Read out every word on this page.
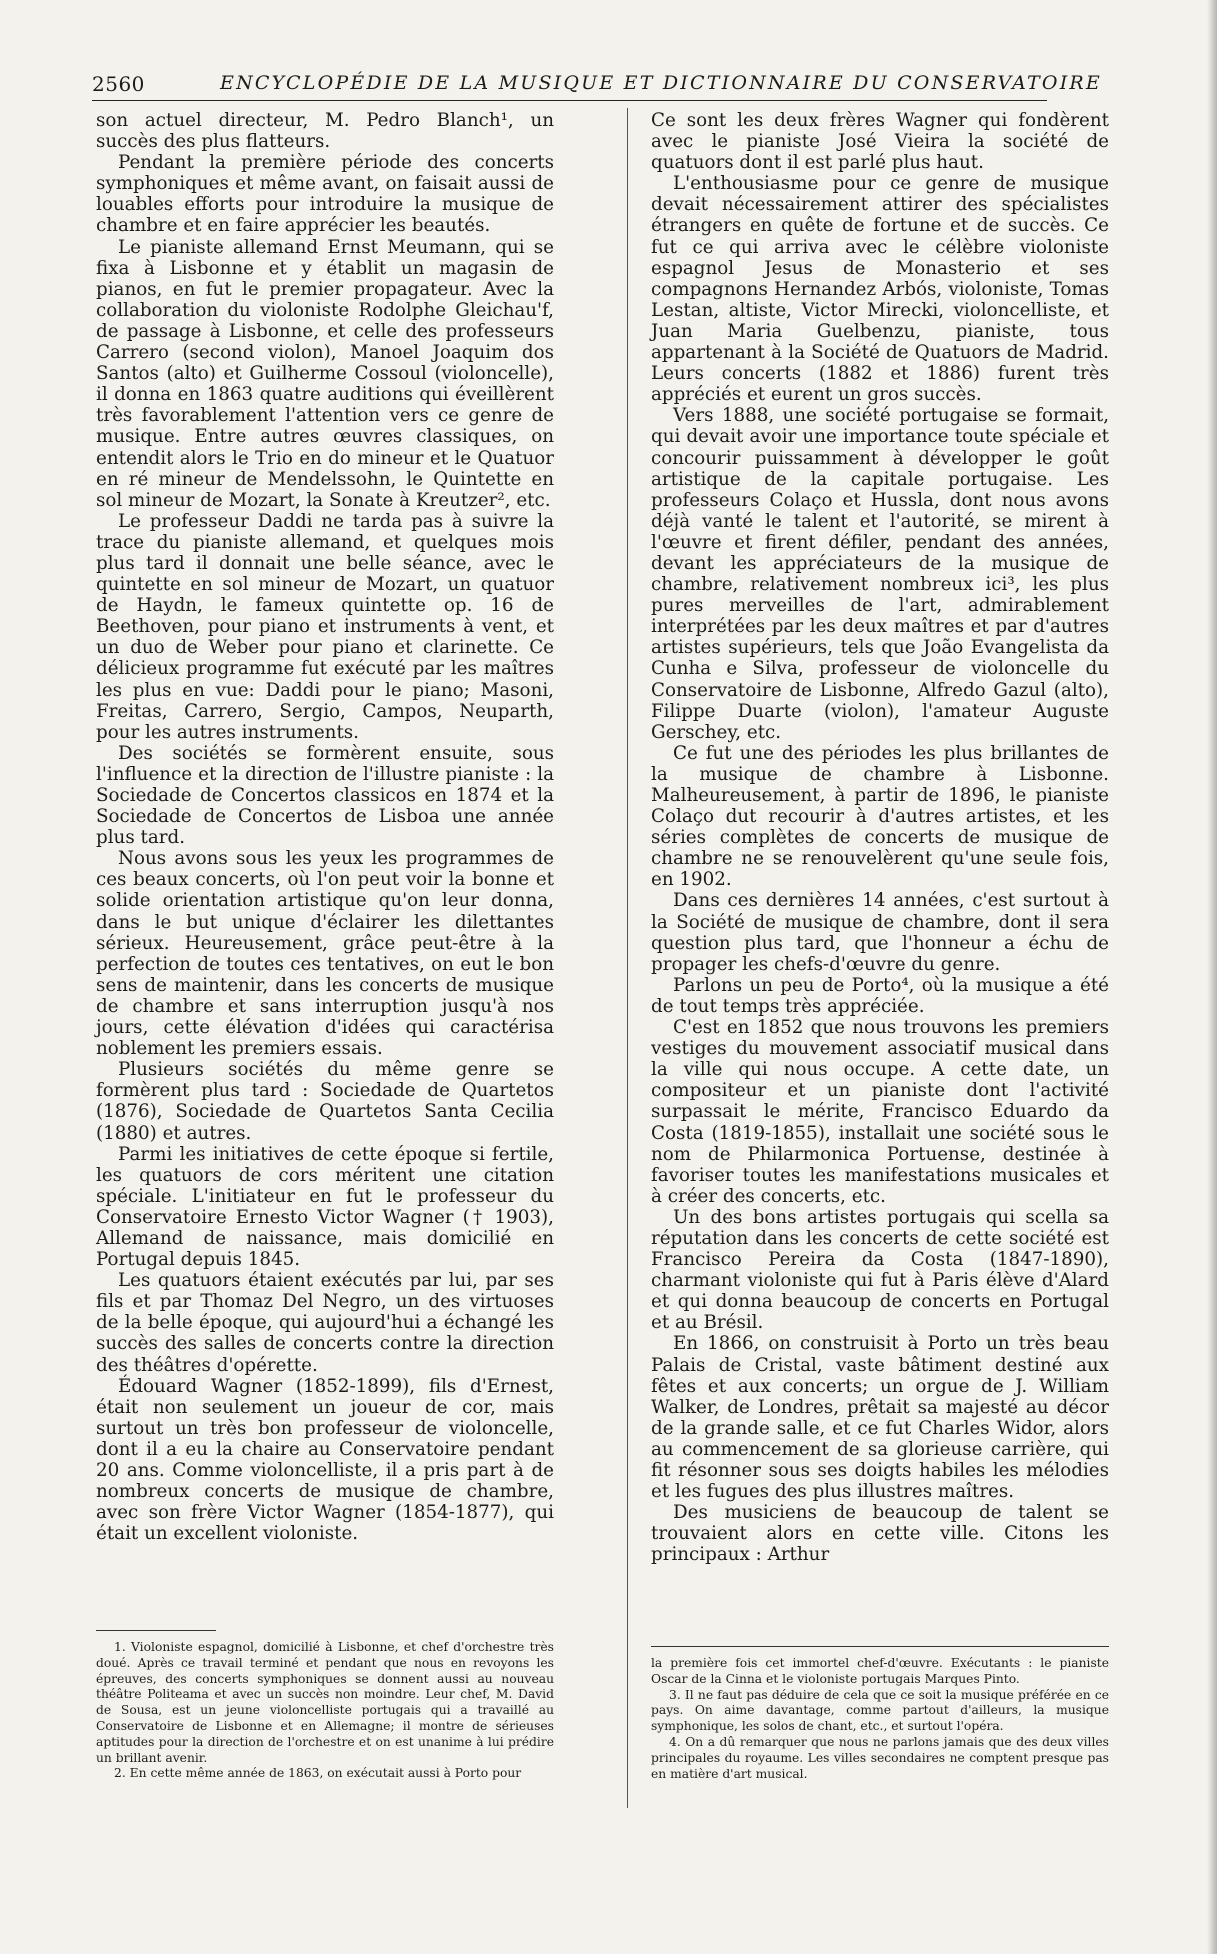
2560	ENCYCLOPÉDIE DE LA MUSIQUE ET DICTIONNAIRE DU CONSERVATOIRE

son actuel directeur, M. Pedro Blanch¹, un succès des plus flatteurs.

Pendant la première période des concerts symphoniques et même avant, on faisait aussi de louables efforts pour introduire la musique de chambre et en faire apprécier les beautés.

Le pianiste allemand Ernst Meumann, qui se fixa à Lisbonne et y établit un magasin de pianos, en fut le premier propagateur. Avec la collaboration du violoniste Rodolphe Gleichau'f, de passage à Lisbonne, et celle des professeurs Carrero (second violon), Manoel Joaquim dos Santos (alto) et Guilherme Cossoul (violoncelle), il donna en 1863 quatre auditions qui éveillèrent très favorablement l'attention vers ce genre de musique. Entre autres œuvres classiques, on entendit alors le Trio en do mineur et le Quatuor en ré mineur de Mendelssohn, le Quintette en sol mineur de Mozart, la Sonate à Kreutzer², etc.

Le professeur Daddi ne tarda pas à suivre la trace du pianiste allemand, et quelques mois plus tard il donnait une belle séance, avec le quintette en sol mineur de Mozart, un quatuor de Haydn, le fameux quintette op. 16 de Beethoven, pour piano et instruments à vent, et un duo de Weber pour piano et clarinette. Ce délicieux programme fut exécuté par les maîtres les plus en vue: Daddi pour le piano; Masoni, Freitas, Carrero, Sergio, Campos, Neuparth, pour les autres instruments.

Des sociétés se formèrent ensuite, sous l'influence et la direction de l'illustre pianiste : la Sociedade de Concertos classicos en 1874 et la Sociedade de Concertos de Lisboa une année plus tard.

Nous avons sous les yeux les programmes de ces beaux concerts, où l'on peut voir la bonne et solide orientation artistique qu'on leur donna, dans le but unique d'éclairer les dilettantes sérieux. Heureusement, grâce peut-être à la perfection de toutes ces tentatives, on eut le bon sens de maintenir, dans les concerts de musique de chambre et sans interruption jusqu'à nos jours, cette élévation d'idées qui caractérisa noblement les premiers essais.

Plusieurs sociétés du même genre se formèrent plus tard : Sociedade de Quartetos (1876), Sociedade de Quartetos Santa Cecilia (1880) et autres.

Parmi les initiatives de cette époque si fertile, les quatuors de cors méritent une citation spéciale. L'initiateur en fut le professeur du Conservatoire Ernesto Victor Wagner († 1903), Allemand de naissance, mais domicilié en Portugal depuis 1845.

Les quatuors étaient exécutés par lui, par ses fils et par Thomaz Del Negro, un des virtuoses de la belle époque, qui aujourd'hui a échangé les succès des salles de concerts contre la direction des théâtres d'opérette.

Édouard Wagner (1852-1899), fils d'Ernest, était non seulement un joueur de cor, mais surtout un très bon professeur de violoncelle, dont il a eu la chaire au Conservatoire pendant 20 ans. Comme violoncelliste, il a pris part à de nombreux concerts de musique de chambre, avec son frère Victor Wagner (1854-1877), qui était un excellent violoniste.

Ce sont les deux frères Wagner qui fondèrent avec le pianiste José Vieira la société de quatuors dont il est parlé plus haut.

L'enthousiasme pour ce genre de musique devait nécessairement attirer des spécialistes étrangers en quête de fortune et de succès. Ce fut ce qui arriva avec le célèbre violoniste espagnol Jesus de Monasterio et ses compagnons Hernandez Arbós, violoniste, Tomas Lestan, altiste, Victor Mirecki, violoncelliste, et Juan Maria Guelbenzu, pianiste, tous appartenant à la Société de Quatuors de Madrid. Leurs concerts (1882 et 1886) furent très appréciés et eurent un gros succès.

Vers 1888, une société portugaise se formait, qui devait avoir une importance toute spéciale et concourir puissamment à développer le goût artistique de la capitale portugaise. Les professeurs Colaço et Hussla, dont nous avons déjà vanté le talent et l'autorité, se mirent à l'œuvre et firent défiler, pendant des années, devant les appréciateurs de la musique de chambre, relativement nombreux ici³, les plus pures merveilles de l'art, admirablement interprétées par les deux maîtres et par d'autres artistes supérieurs, tels que João Evangelista da Cunha e Silva, professeur de violoncelle du Conservatoire de Lisbonne, Alfredo Gazul (alto), Filippe Duarte (violon), l'amateur Auguste Gerschey, etc.

Ce fut une des périodes les plus brillantes de la musique de chambre à Lisbonne. Malheureusement, à partir de 1896, le pianiste Colaço dut recourir à d'autres artistes, et les séries complètes de concerts de musique de chambre ne se renouvelèrent qu'une seule fois, en 1902.

Dans ces dernières 14 années, c'est surtout à la Société de musique de chambre, dont il sera question plus tard, que l'honneur a échu de propager les chefs-d'œuvre du genre.

Parlons un peu de Porto⁴, où la musique a été de tout temps très appréciée.

C'est en 1852 que nous trouvons les premiers vestiges du mouvement associatif musical dans la ville qui nous occupe. A cette date, un compositeur et un pianiste dont l'activité surpassait le mérite, Francisco Eduardo da Costa (1819-1855), installait une société sous le nom de Philarmonica Portuense, destinée à favoriser toutes les manifestations musicales et à créer des concerts, etc.

Un des bons artistes portugais qui scella sa réputation dans les concerts de cette société est Francisco Pereira da Costa (1847-1890), charmant violoniste qui fut à Paris élève d'Alard et qui donna beaucoup de concerts en Portugal et au Brésil.

En 1866, on construisit à Porto un très beau Palais de Cristal, vaste bâtiment destiné aux fêtes et aux concerts; un orgue de J. William Walker, de Londres, prêtait sa majesté au décor de la grande salle, et ce fut Charles Widor, alors au commencement de sa glorieuse carrière, qui fit résonner sous ses doigts habiles les mélodies et les fugues des plus illustres maîtres.

Des musiciens de beaucoup de talent se trouvaient alors en cette ville. Citons les principaux : Arthur

1. Violoniste espagnol, domicilié à Lisbonne, et chef d'orchestre très doué. Après ce travail terminé et pendant que nous en revoyons les épreuves, des concerts symphoniques se donnent aussi au nouveau théâtre Politeama et avec un succès non moindre. Leur chef, M. David de Sousa, est un jeune violoncelliste portugais qui a travaillé au Conservatoire de Lisbonne et en Allemagne; il montre de sérieuses aptitudes pour la direction de l'orchestre et on est unanime à lui prédire un brillant avenir.

2. En cette même année de 1863, on exécutait aussi à Porto pour

la première fois cet immortel chef-d'œuvre. Exécutants : le pianiste Oscar de la Cinna et le violoniste portugais Marques Pinto.

3. Il ne faut pas déduire de cela que ce soit la musique préférée en ce pays. On aime davantage, comme partout d'ailleurs, la musique symphonique, les solos de chant, etc., et surtout l'opéra.

4. On a dû remarquer que nous ne parlons jamais que des deux villes principales du royaume. Les villes secondaires ne comptent presque pas en matière d'art musical.
